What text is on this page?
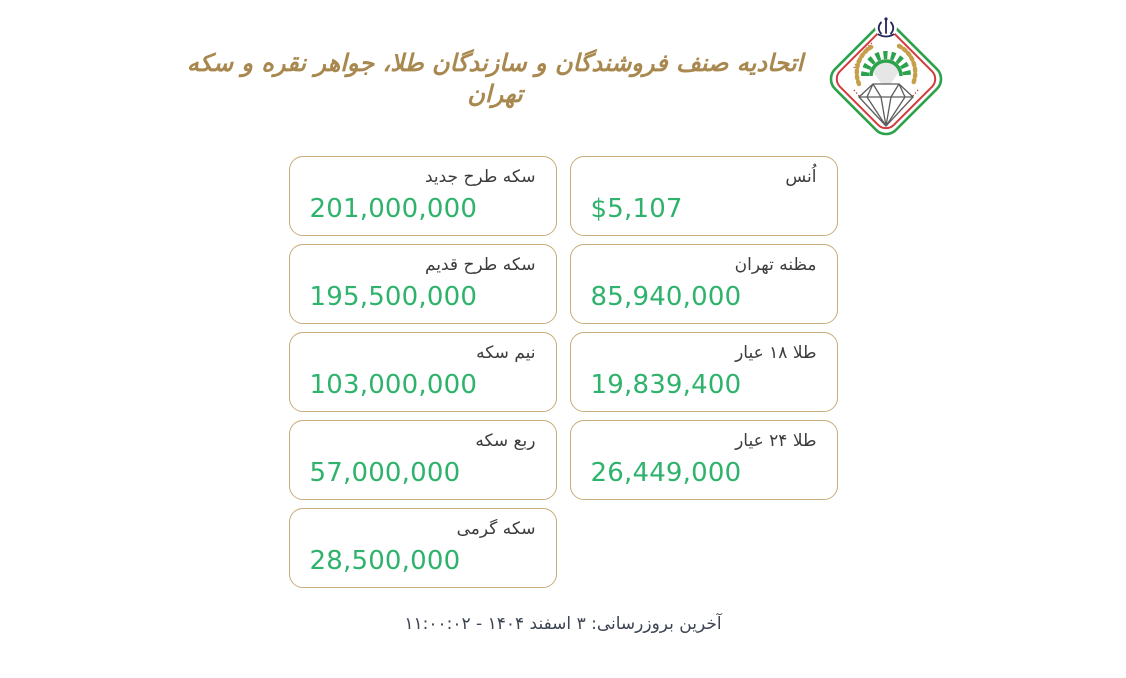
اتحادیه صنف فروشندگان و سازندگان طلا، جواهر نقره و سکه تهران
اُنس
$5,107
مظنه تهران
85,940,000
طلا ۱۸ عیار
19,839,400
طلا ۲۴ عیار
26,449,000
سکه طرح جدید
201,000,000
سکه طرح قدیم
195,500,000
نیم سکه
103,000,000
ربع سکه
57,000,000
سکه گرمی
28,500,000
آخرین بروزرسانی: ۳ اسفند ۱۴۰۴ - ۱۱:۰۰:۰۲
